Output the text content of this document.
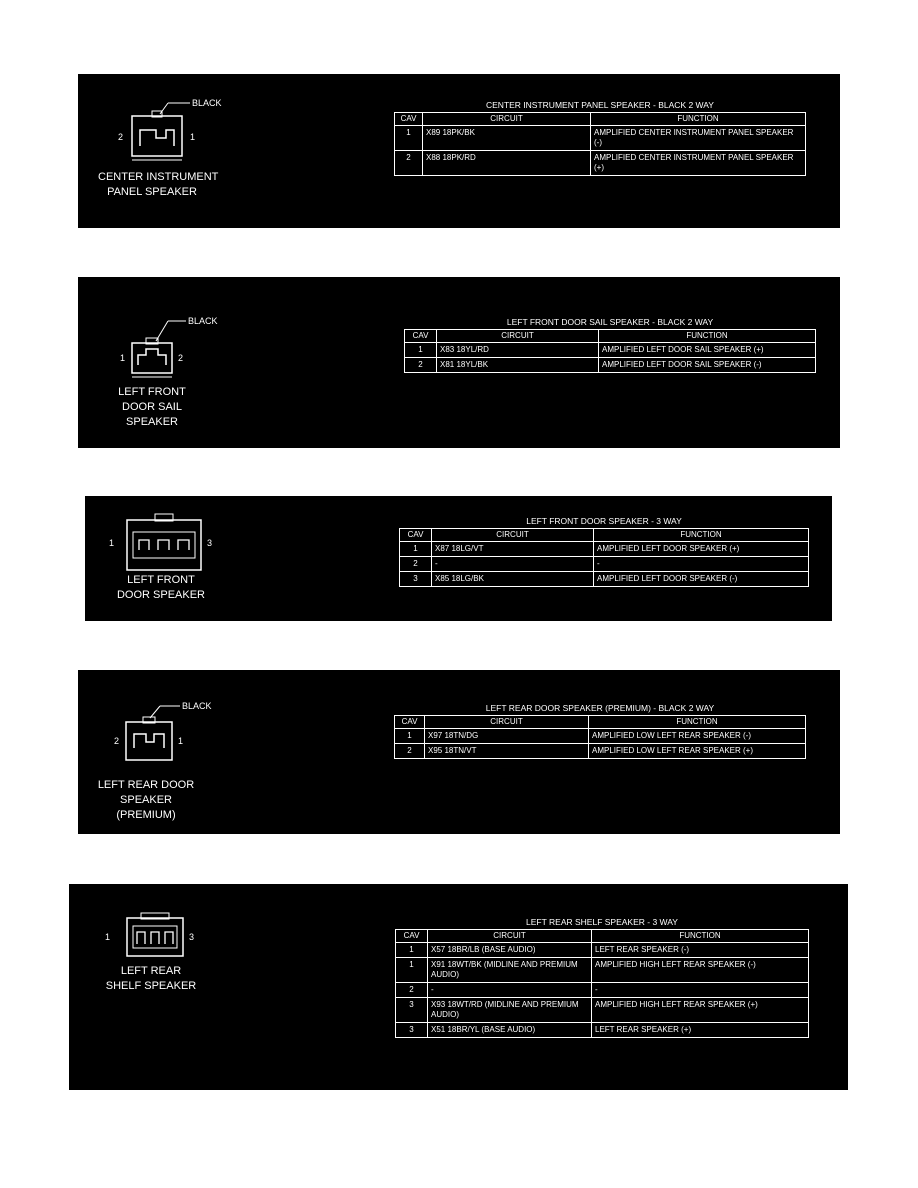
BLACK
2	1
CENTER INSTRUMENT
PANEL SPEAKER
CENTER INSTRUMENT PANEL SPEAKER - BLACK 2 WAY
CAV	CIRCUIT	FUNCTION
1	X89 18PK/BK	AMPLIFIED CENTER INSTRUMENT PANEL SPEAKER (-)
2	X88 18PK/RD	AMPLIFIED CENTER INSTRUMENT PANEL SPEAKER (+)
BLACK
1	2
LEFT FRONT
DOOR SAIL
SPEAKER
LEFT FRONT DOOR SAIL SPEAKER - BLACK 2 WAY
CAV	CIRCUIT	FUNCTION
1	X83 18YL/RD	AMPLIFIED LEFT DOOR SAIL SPEAKER (+)
2	X81 18YL/BK	AMPLIFIED LEFT DOOR SAIL SPEAKER (-)
1	3
LEFT FRONT
DOOR SPEAKER
LEFT FRONT DOOR SPEAKER - 3 WAY
CAV	CIRCUIT	FUNCTION
1	X87 18LG/VT	AMPLIFIED LEFT DOOR SPEAKER (+)
2	-	-
3	X85 18LG/BK	AMPLIFIED LEFT DOOR SPEAKER (-)
BLACK
2	1
LEFT REAR DOOR
SPEAKER
(PREMIUM)
LEFT REAR DOOR SPEAKER (PREMIUM) - BLACK 2 WAY
CAV	CIRCUIT	FUNCTION
1	X97 18TN/DG	AMPLIFIED LOW LEFT REAR SPEAKER (-)
2	X95 18TN/VT	AMPLIFIED LOW LEFT REAR SPEAKER (+)
1	3
LEFT REAR
SHELF SPEAKER
LEFT REAR SHELF SPEAKER - 3 WAY
CAV	CIRCUIT	FUNCTION
1	X57 18BR/LB (BASE AUDIO)	LEFT REAR SPEAKER (-)
1	X91 18WT/BK (MIDLINE AND PREMIUM AUDIO)	AMPLIFIED HIGH LEFT REAR SPEAKER (-)
2	-	-
3	X93 18WT/RD (MIDLINE AND PREMIUM AUDIO)	AMPLIFIED HIGH LEFT REAR SPEAKER (+)
3	X51 18BR/YL (BASE AUDIO)	LEFT REAR SPEAKER (+)
